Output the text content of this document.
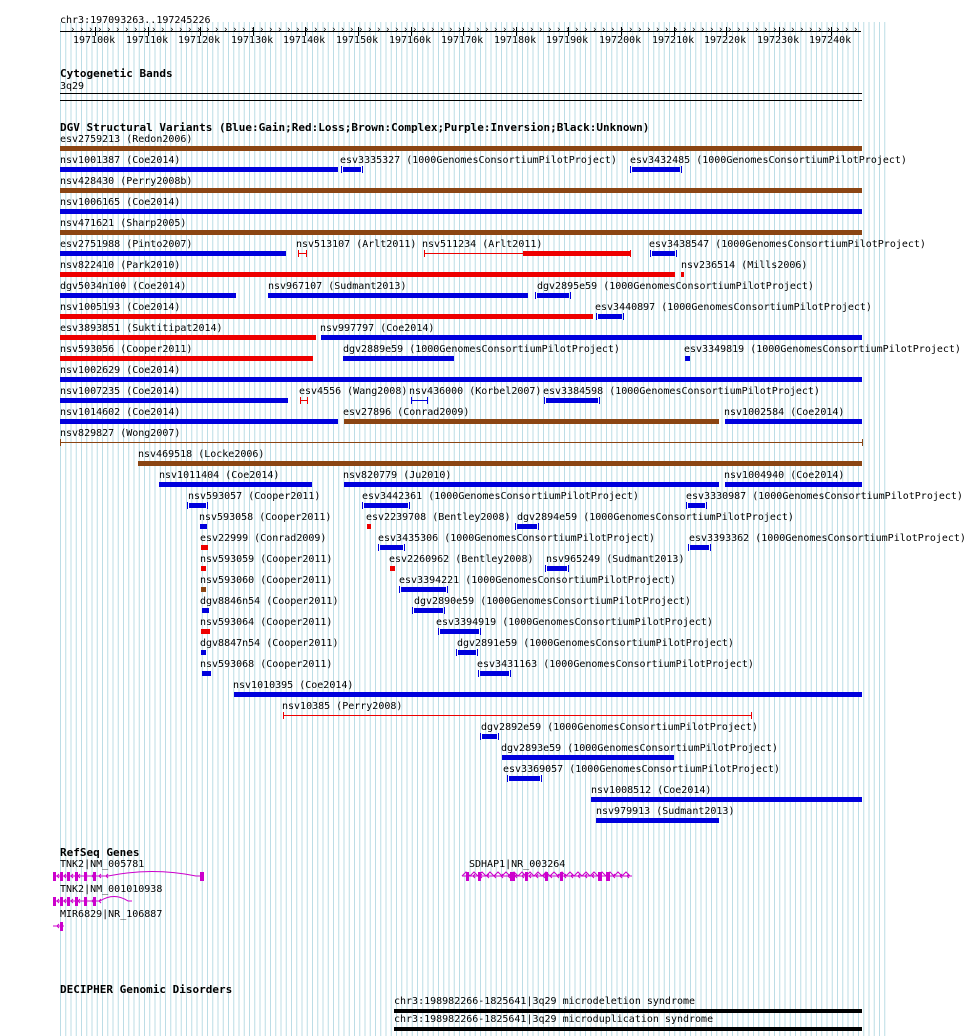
chr3:197093263..197245226
197100k 197110k 197120k 197130k 197140k 197150k 197160k 197170k 197180k 197190k 197200k 197210k 197220k 197230k 197240k
› › › › › › › › › › › › › › › › › › › › › › › › › › › › › › › › › › › › › › › › › › › › › › › › › › › › › › › › › › › › › › › › › › › › › › › › › › › › › › › › › › › › › › › ›
Cytogenetic Bands
3q29
DGV Structural Variants (Blue:Gain;Red:Loss;Brown:Complex;Purple:Inversion;Black:Unknown)
esv2759213 (Redon2006)
nsv1001387 (Coe2014)	esv3335327 (1000GenomesConsortiumPilotProject) esv3432485 (1000GenomesConsortiumPilotProject)
nsv428430 (Perry2008b)
nsv1006165 (Coe2014)
nsv471621 (Sharp2005)
esv2751988 (Pinto2007)	nsv513107 (Arlt2011) nsv511234 (Arlt2011)	esv3438547 (1000GenomesConsortiumPilotProject)
nsv822410 (Park2010)	nsv236514 (Mills2006)
dgv5034n100 (Coe2014)	nsv967107 (Sudmant2013)	dgv2895e59 (1000GenomesConsortiumPilotProject)
nsv1005193 (Coe2014)	esv3440897 (1000GenomesConsortiumPilotProject)
esv3893851 (Suktitipat2014)	nsv997797 (Coe2014)
nsv593056 (Cooper2011)	dgv2889e59 (1000GenomesConsortiumPilotProject)	esv3349819 (1000GenomesConsortiumPilotProject)
nsv1002629 (Coe2014)
nsv1007235 (Coe2014)	esv4556 (Wang2008) nsv436000 (Korbel2007) esv3384598 (1000GenomesConsortiumPilotProject)
nsv1014602 (Coe2014)	esv27896 (Conrad2009)	nsv1002584 (Coe2014)
nsv829827 (Wong2007)
nsv469518 (Locke2006)
nsv1011404 (Coe2014)	nsv820779 (Ju2010)	nsv1004940 (Coe2014)
nsv593057 (Cooper2011)	esv3442361 (1000GenomesConsortiumPilotProject)	esv3330987 (1000GenomesConsortiumPilotProject)
nsv593058 (Cooper2011)	esv2239708 (Bentley2008) dgv2894e59 (1000GenomesConsortiumPilotProject)
esv22999 (Conrad2009)	esv3435306 (1000GenomesConsortiumPilotProject)	esv3393362 (1000GenomesConsortiumPilotProject)
nsv593059 (Cooper2011)	esv2260962 (Bentley2008) nsv965249 (Sudmant2013)
nsv593060 (Cooper2011)	esv3394221 (1000GenomesConsortiumPilotProject)
dgv8846n54 (Cooper2011)	dgv2890e59 (1000GenomesConsortiumPilotProject)
nsv593064 (Cooper2011)	esv3394919 (1000GenomesConsortiumPilotProject)
dgv8847n54 (Cooper2011)	dgv2891e59 (1000GenomesConsortiumPilotProject)
nsv593068 (Cooper2011)	esv3431163 (1000GenomesConsortiumPilotProject)
nsv1010395 (Coe2014)
nsv10385 (Perry2008)
dgv2892e59 (1000GenomesConsortiumPilotProject)
dgv2893e59 (1000GenomesConsortiumPilotProject)
esv3369057 (1000GenomesConsortiumPilotProject)
nsv1008512 (Coe2014)
nsv979913 (Sudmant2013)
RefSeq Genes
TNK2|NM_005781
TNK2|NM_001010938
MIR6829|NR_106887
SDHAP1|NR_003264
DECIPHER Genomic Disorders
chr3:198982266-1825641|3q29 microdeletion syndrome
chr3:198982266-1825641|3q29 microduplication syndrome
